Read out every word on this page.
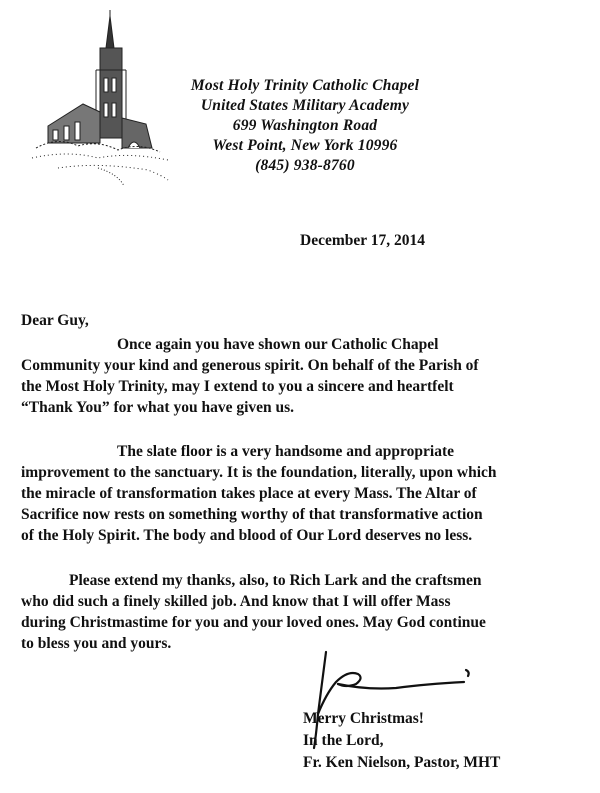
Most Holy Trinity Catholic Chapel
United States Military Academy
699 Washington Road
West Point, New York 10996
(845) 938-8760
December 17, 2014
Dear Guy,

Once again you have shown our Catholic Chapel
Community your kind and generous spirit. On behalf of the Parish of
the Most Holy Trinity, may I extend to you a sincere and heartfelt
“Thank You” for what you have given us.

The slate floor is a very handsome and appropriate
improvement to the sanctuary. It is the foundation, literally, upon which
the miracle of transformation takes place at every Mass. The Altar of
Sacrifice now rests on something worthy of that transformative action
of the Holy Spirit. The body and blood of Our Lord deserves no less.

Please extend my thanks, also, to Rich Lark and the craftsmen
who did such a finely skilled job. And know that I will offer Mass
during Christmastime for you and your loved ones. May God continue
to bless you and yours.

Merry Christmas!
In the Lord,
Fr. Ken Nielson, Pastor, MHT
